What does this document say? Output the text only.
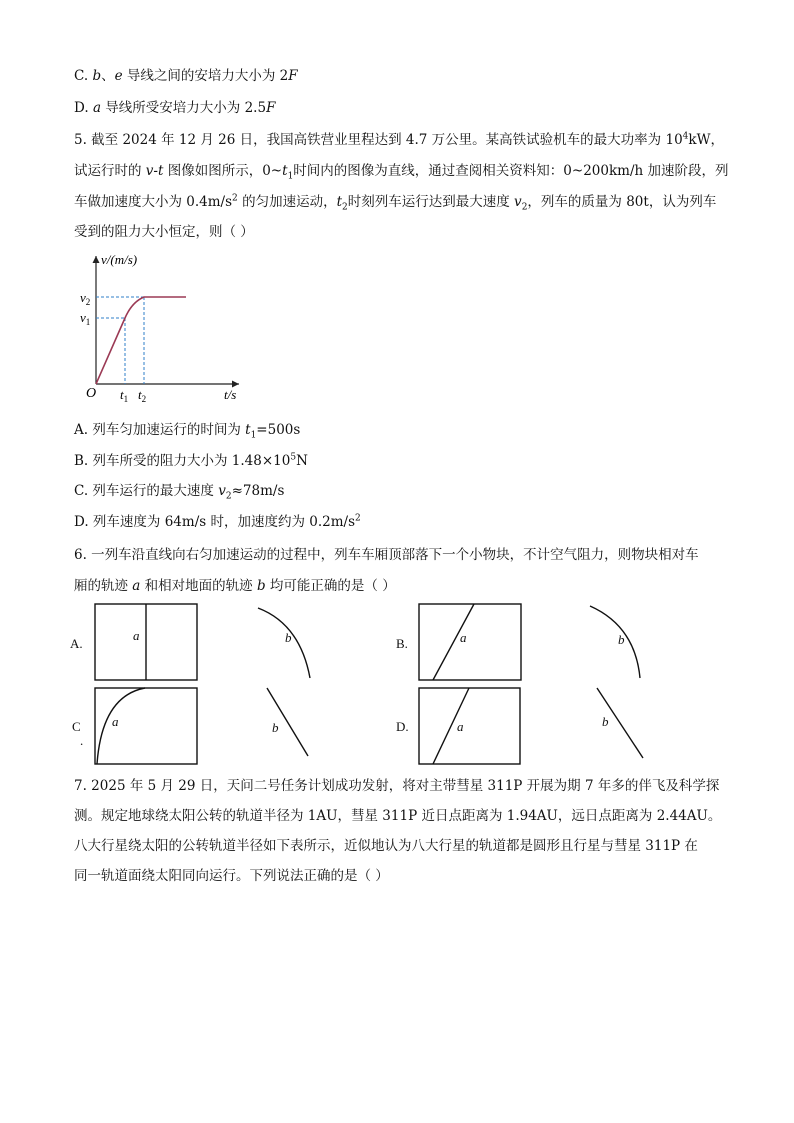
C. b、e 导线之间的安培力大小为 2F
D. a 导线所受安培力大小为 2.5F
5. 截至 2024 年 12 月 26 日，我国高铁营业里程达到 4.7 万公里。某高铁试验机车的最大功率为 $10^4kW$，
试运行时的 v-t 图像如图所示，$0\sim t_1$时间内的图像为直线，通过查阅相关资料知：0~200km/h 加速阶段，列
车做加速度大小为 $0.4m/s^2$ 的匀加速运动，$t_2$时刻列车运行达到最大速度 $v_2$，列车的质量为 80t，认为列车
受到的阻力大小恒定，则（ ）
v/(m/s)
$v_2$
$v_1$
O $t_1$ $t_2$	t/s
A. 列车匀加速运行的时间为 $t_1=500s$
B. 列车所受的阻力大小为 $1.48\times 10^5N$
C. 列车运行的最大速度 $v_2\approx 78m/s$
D. 列车速度为 64m/s 时，加速度约为 $0.2m/s^2$
6. 一列车沿直线向右匀加速运动的过程中，列车车厢顶部落下一个小物块，不计空气阻力，则物块相对车
厢的轨迹 a 和相对地面的轨迹 b 均可能正确的是（ ）
A.
a	b	B.	a	b
C
.
a	b	D.	a	b
7. 2025 年 5 月 29 日，天问二号任务计划成功发射，将对主带彗星 311P 开展为期 7 年多的伴飞及科学探
测。规定地球绕太阳公转的轨道半径为 1AU，彗星 311P 近日点距离为 1.94AU，远日点距离为 2.44AU。
八大行星绕太阳的公转轨道半径如下表所示，近似地认为八大行星的轨道都是圆形且行星与彗星 311P 在
同一轨道面绕太阳同向运行。下列说法正确的是（ ）
